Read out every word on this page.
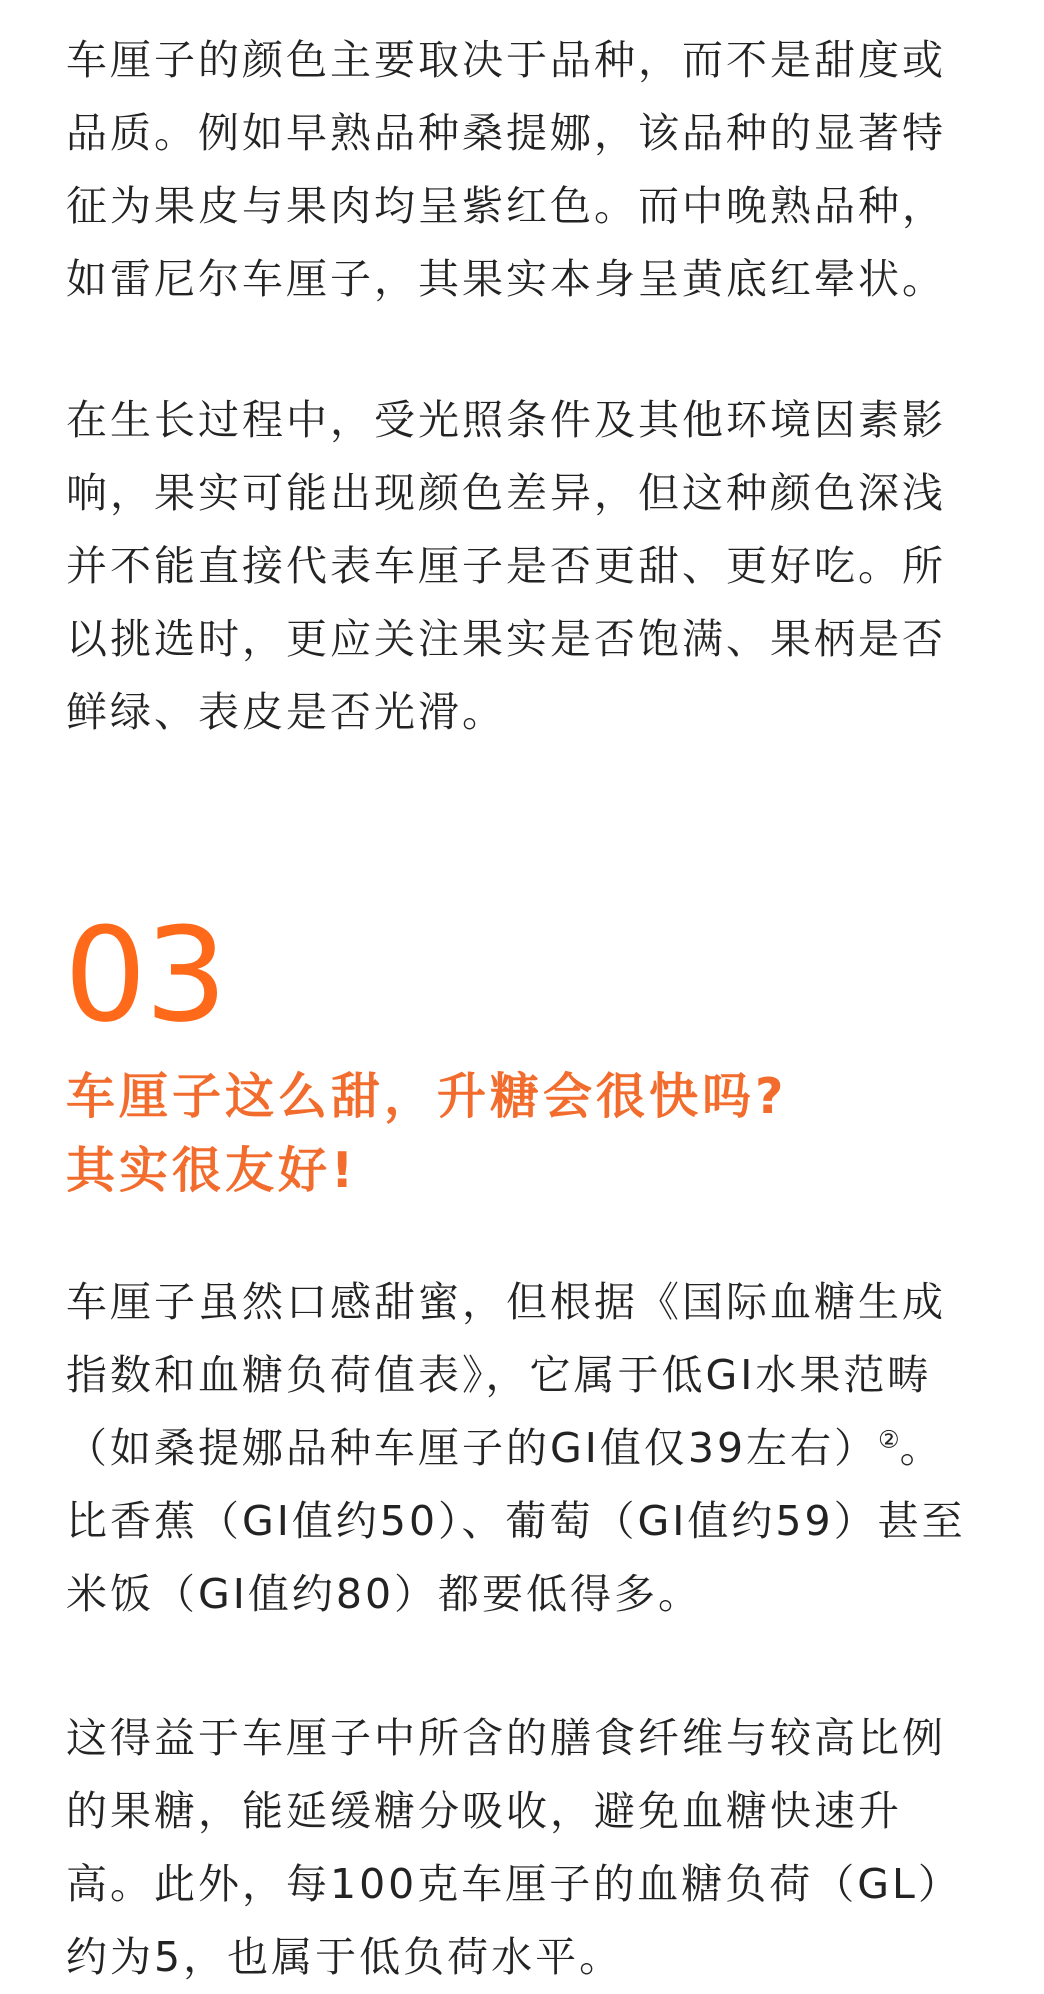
车厘子的颜色主要取决于品种，而不是甜度或
品质。例如早熟品种桑提娜，该品种的显著特
征为果皮与果肉均呈紫红色。而中晚熟品种，
如雷尼尔车厘子，其果实本身呈黄底红晕状。

在生长过程中，受光照条件及其他环境因素影
响，果实可能出现颜色差异，但这种颜色深浅
并不能直接代表车厘子是否更甜、更好吃。所
以挑选时，更应关注果实是否饱满、果柄是否
鲜绿、表皮是否光滑。

03
车厘子这么甜，升糖会很快吗?
其实很友好!

车厘子虽然口感甜蜜，但根据《国际血糖生成
指数和血糖负荷值表》，它属于低GI水果范畴
（如桑提娜品种车厘子的GI值仅39左右）②。
比香蕉（GI值约50）、葡萄（GI值约59）甚至
米饭（GI值约80）都要低得多。

这得益于车厘子中所含的膳食纤维与较高比例
的果糖，能延缓糖分吸收，避免血糖快速升
高。此外，每100克车厘子的血糖负荷（GL）
约为5，也属于低负荷水平。
